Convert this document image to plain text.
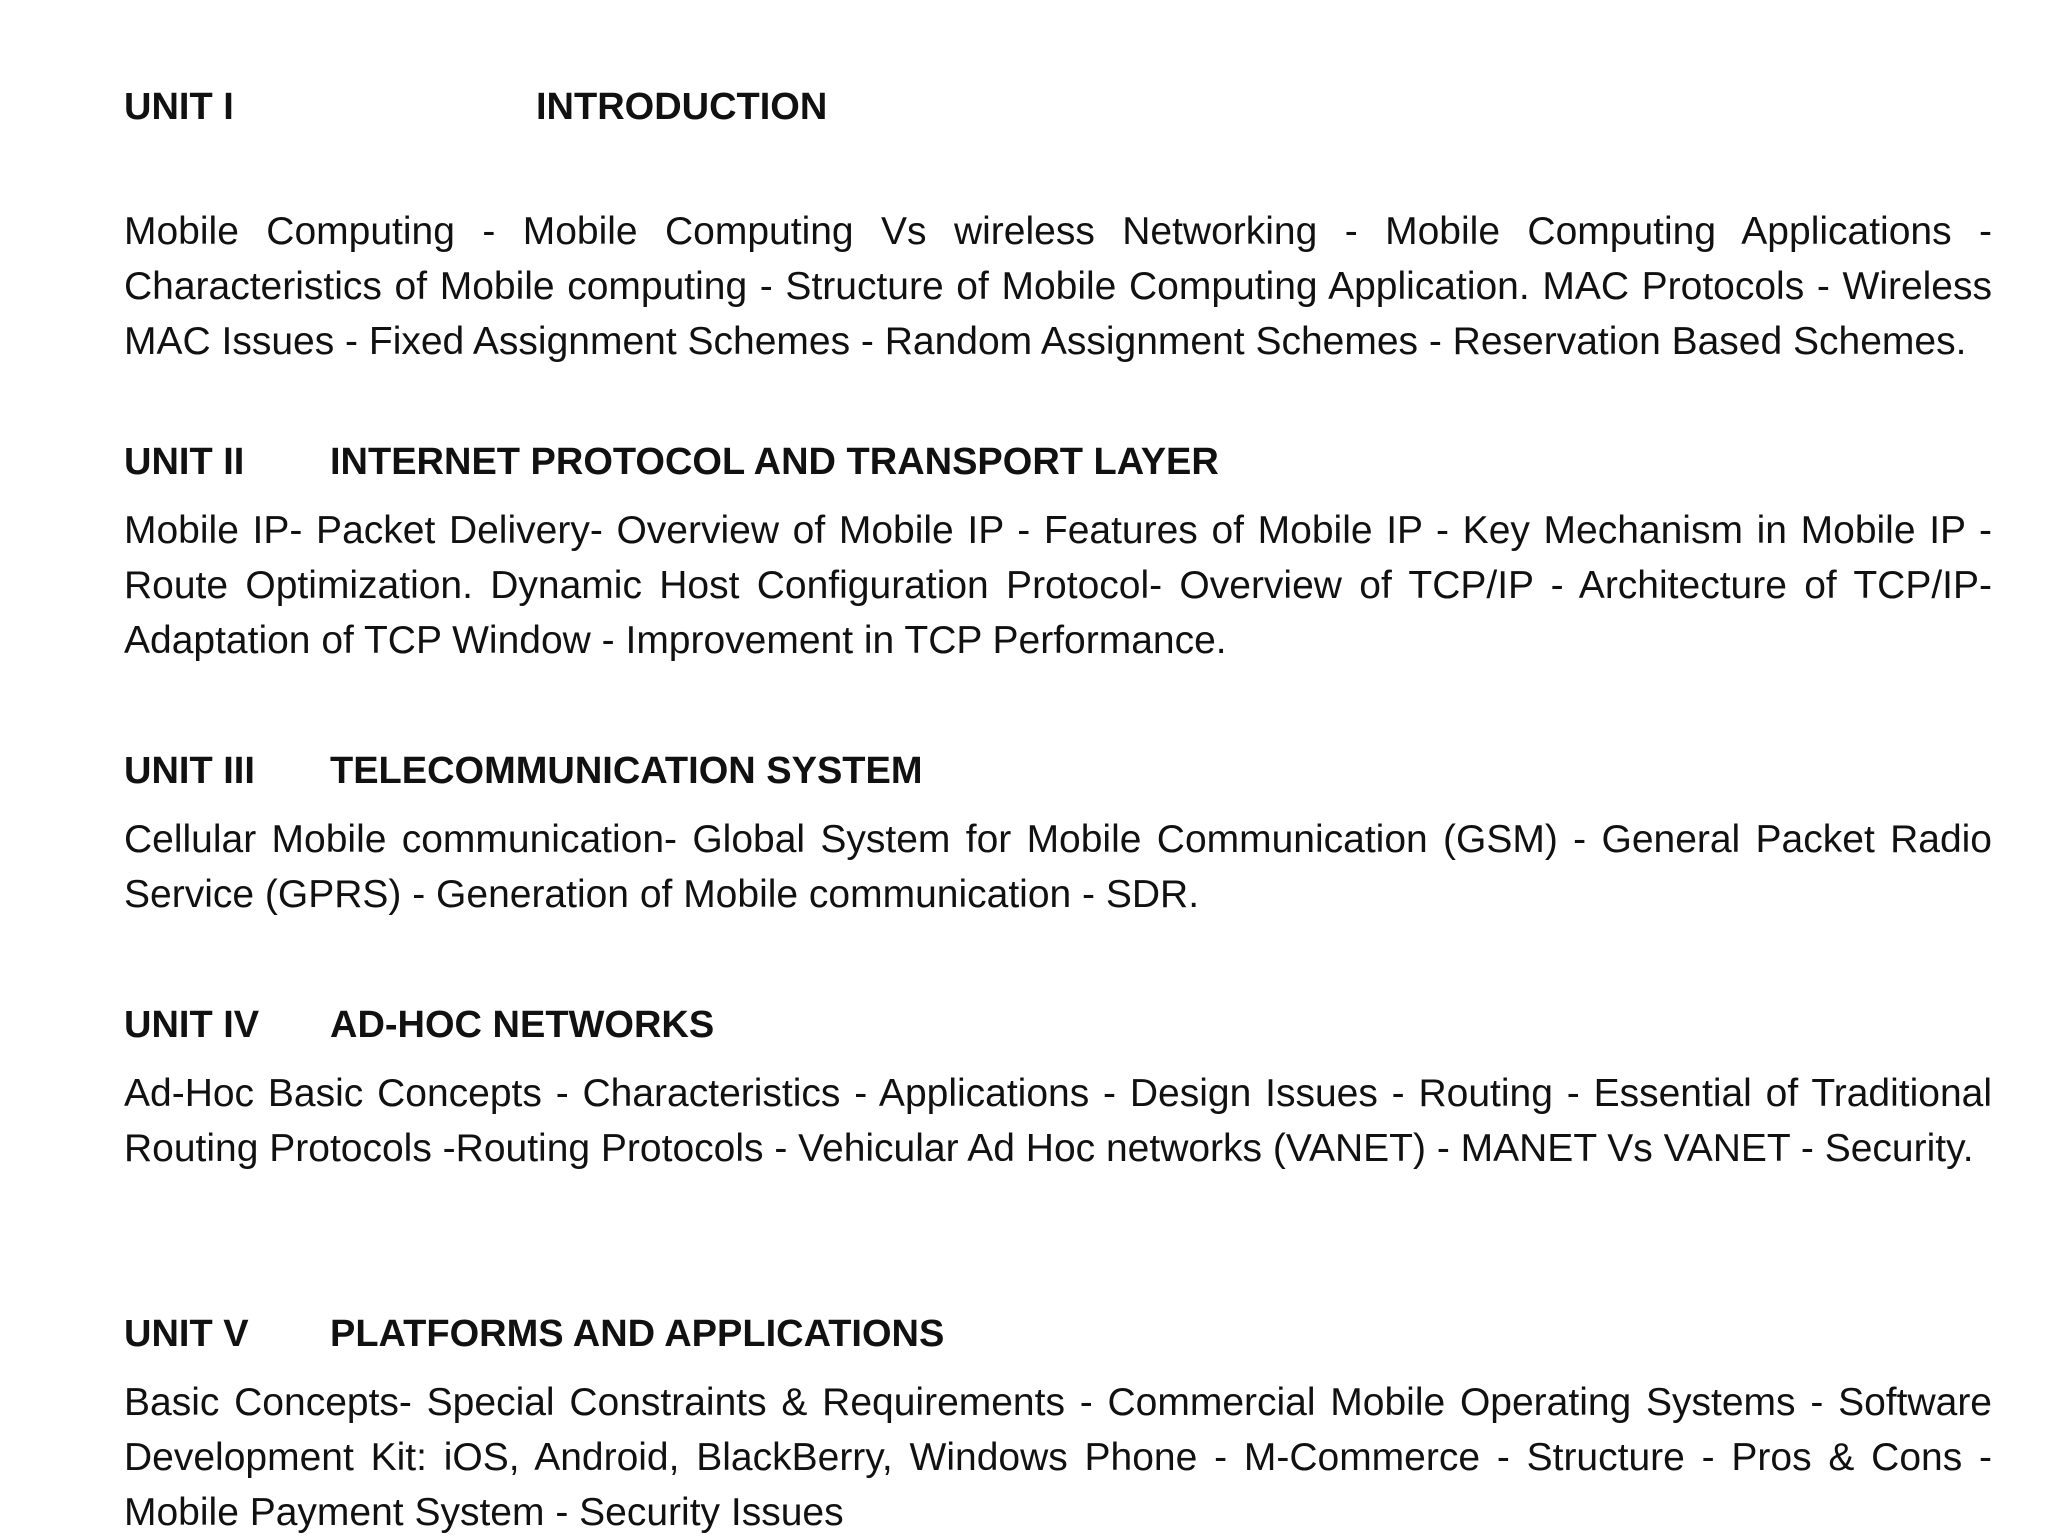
UNIT I	INTRODUCTION

Mobile Computing - Mobile Computing Vs wireless Networking - Mobile Computing Applications - Characteristics of Mobile computing - Structure of Mobile Computing Application. MAC Protocols - Wireless MAC Issues - Fixed Assignment Schemes - Random Assignment Schemes - Reservation Based Schemes.

UNIT II INTERNET PROTOCOL AND TRANSPORT LAYER

Mobile IP- Packet Delivery- Overview of Mobile IP - Features of Mobile IP - Key Mechanism in Mobile IP - Route Optimization. Dynamic Host Configuration Protocol- Overview of TCP/IP - Architecture of TCP/IP- Adaptation of TCP Window - Improvement in TCP Performance.

UNIT III TELECOMMUNICATION SYSTEM

Cellular Mobile communication- Global System for Mobile Communication (GSM) - General Packet Radio Service (GPRS) - Generation of Mobile communication - SDR.

UNIT IV AD-HOC NETWORKS

Ad-Hoc Basic Concepts - Characteristics - Applications - Design Issues - Routing - Essential of Traditional Routing Protocols -Routing Protocols - Vehicular Ad Hoc networks (VANET) - MANET Vs VANET - Security.

UNIT V PLATFORMS AND APPLICATIONS

Basic Concepts- Special Constraints & Requirements - Commercial Mobile Operating Systems - Software Development Kit: iOS, Android, BlackBerry, Windows Phone - M-Commerce - Structure - Pros & Cons - Mobile Payment System - Security Issues
